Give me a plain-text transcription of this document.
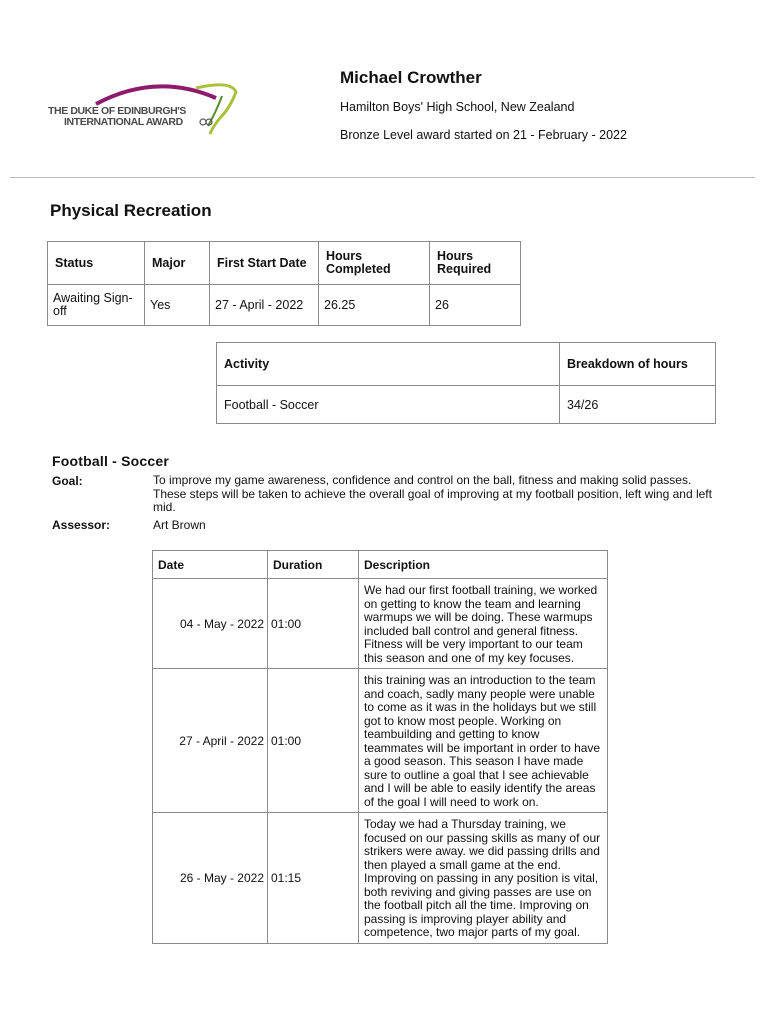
THE DUKE OF EDINBURGH'S
INTERNATIONAL AWARD
Michael Crowther
Hamilton Boys' High School, New Zealand
Bronze Level award started on 21 - February - 2022
Physical Recreation
Status	Major	First Start Date	Hours Completed	Hours Required
Awaiting Sign-off	Yes	27 - April - 2022	26.25	26
Activity	Breakdown of hours
Football - Soccer	34/26
Football - Soccer
Goal:	To improve my game awareness, confidence and control on the ball, fitness and making solid passes. These steps will be taken to achieve the overall goal of improving at my football position, left wing and left mid.
Assessor:	Art Brown
Date	Duration	Description
04 - May - 2022	01:00	We had our first football training, we worked on getting to know the team and learning warmups we will be doing. These warmups included ball control and general fitness. Fitness will be very important to our team this season and one of my key focuses.
27 - April - 2022	01:00	this training was an introduction to the team and coach, sadly many people were unable to come as it was in the holidays but we still got to know most people. Working on teambuilding and getting to know teammates will be important in order to have a good season. This season I have made sure to outline a goal that I see achievable and I will be able to easily identify the areas of the goal I will need to work on.
26 - May - 2022	01:15	Today we had a Thursday training, we focused on our passing skills as many of our strikers were away. we did passing drills and then played a small game at the end. Improving on passing in any position is vital, both reviving and giving passes are use on the football pitch all the time. Improving on passing is improving player ability and competence, two major parts of my goal.
